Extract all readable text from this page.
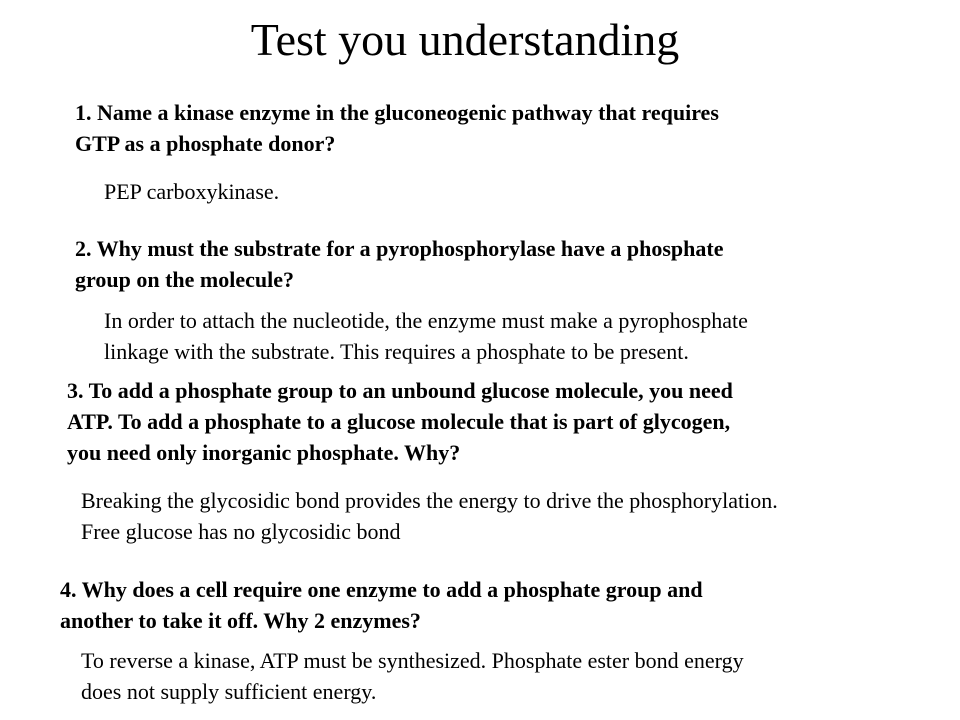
Test you understanding
1. Name a kinase enzyme in the gluconeogenic pathway that requires
GTP as a phosphate donor?
PEP carboxykinase.
2. Why must the substrate for a pyrophosphorylase have a phosphate
group on the molecule?
In order to attach the nucleotide, the enzyme must make a pyrophosphate
linkage with the substrate. This requires a phosphate to be present.
3. To add a phosphate group to an unbound glucose molecule, you need
ATP. To add a phosphate to a glucose molecule that is part of glycogen,
you need only inorganic phosphate. Why?
Breaking the glycosidic bond provides the energy to drive the phosphorylation.
Free glucose has no glycosidic bond
4. Why does a cell require one enzyme to add a phosphate group and
another to take it off. Why 2 enzymes?
To reverse a kinase, ATP must be synthesized. Phosphate ester bond energy
does not supply sufficient energy.
